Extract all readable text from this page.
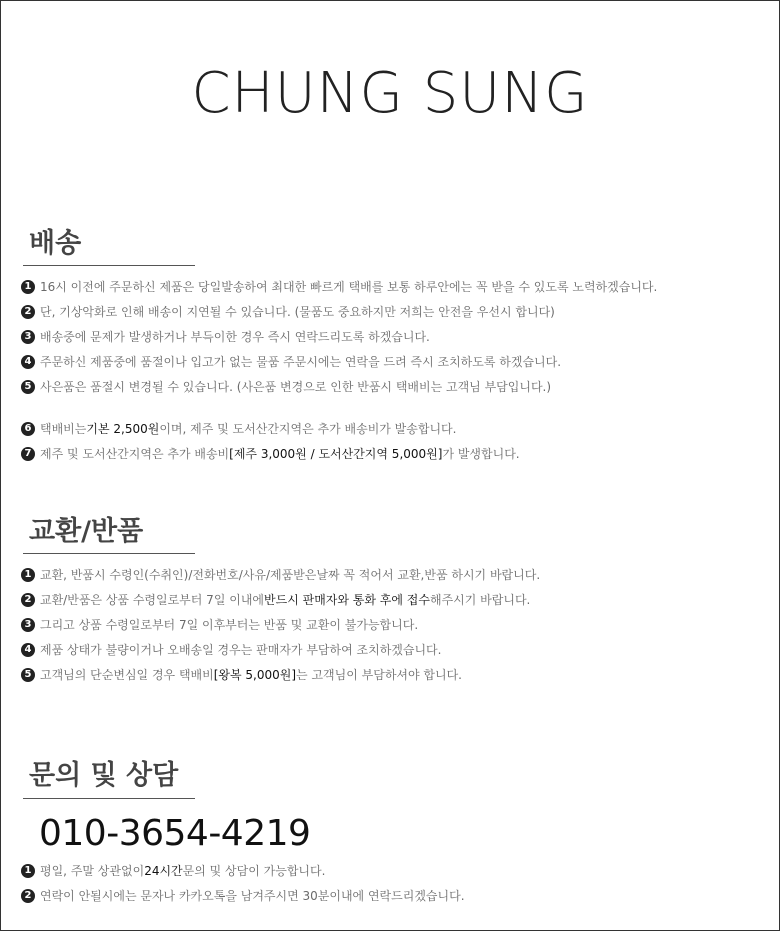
CHUNG SUNG
배송
1 16시 이전에 주문하신 제품은 당일발송하여 최대한 빠르게 택배를 보통 하루안에는 꼭 받을 수 있도록 노력하겠습니다.
2 단, 기상악화로 인해 배송이 지연될 수 있습니다. (물품도 중요하지만 저희는 안전을 우선시 합니다)
3 배송중에 문제가 발생하거나 부득이한 경우 즉시 연락드리도록 하겠습니다.
4 주문하신 제품중에 품절이나 입고가 없는 물품 주문시에는 연락을 드려 즉시 조치하도록 하겠습니다.
5 사은품은 품절시 변경될 수 있습니다. (사은품 변경으로 인한 반품시 택배비는 고객님 부담입니다.)
6 택배비는 기본 2,500원 이며, 제주 및 도서산간지역은 추가 배송비가 발송합니다.
7 제주 및 도서산간지역은 추가 배송비 [제주 3,000원 / 도서산간지역 5,000원] 가 발생합니다.
교환/반품
1 교환, 반품시 수령인(수취인)/전화번호/사유/제품받은날짜 꼭 적어서 교환,반품 하시기 바랍니다.
2 교환/반품은 상품 수령일로부터 7일 이내에 반드시 판매자와 통화 후에 접수 해주시기 바랍니다.
3 그리고 상품 수령일로부터 7일 이후부터는 반품 및 교환이 불가능합니다.
4 제품 상태가 불량이거나 오배송일 경우는 판매자가 부담하여 조치하겠습니다.
5 고객님의 단순변심일 경우 택배비 [왕복 5,000원] 는 고객님이 부담하셔야 합니다.
문의 및 상담
010-3654-4219
1 평일, 주말 상관없이 24시간 문의 및 상담이 가능합니다.
2 연락이 안될시에는 문자나 카카오톡을 남겨주시면 30분이내에 연락드리겠습니다.
